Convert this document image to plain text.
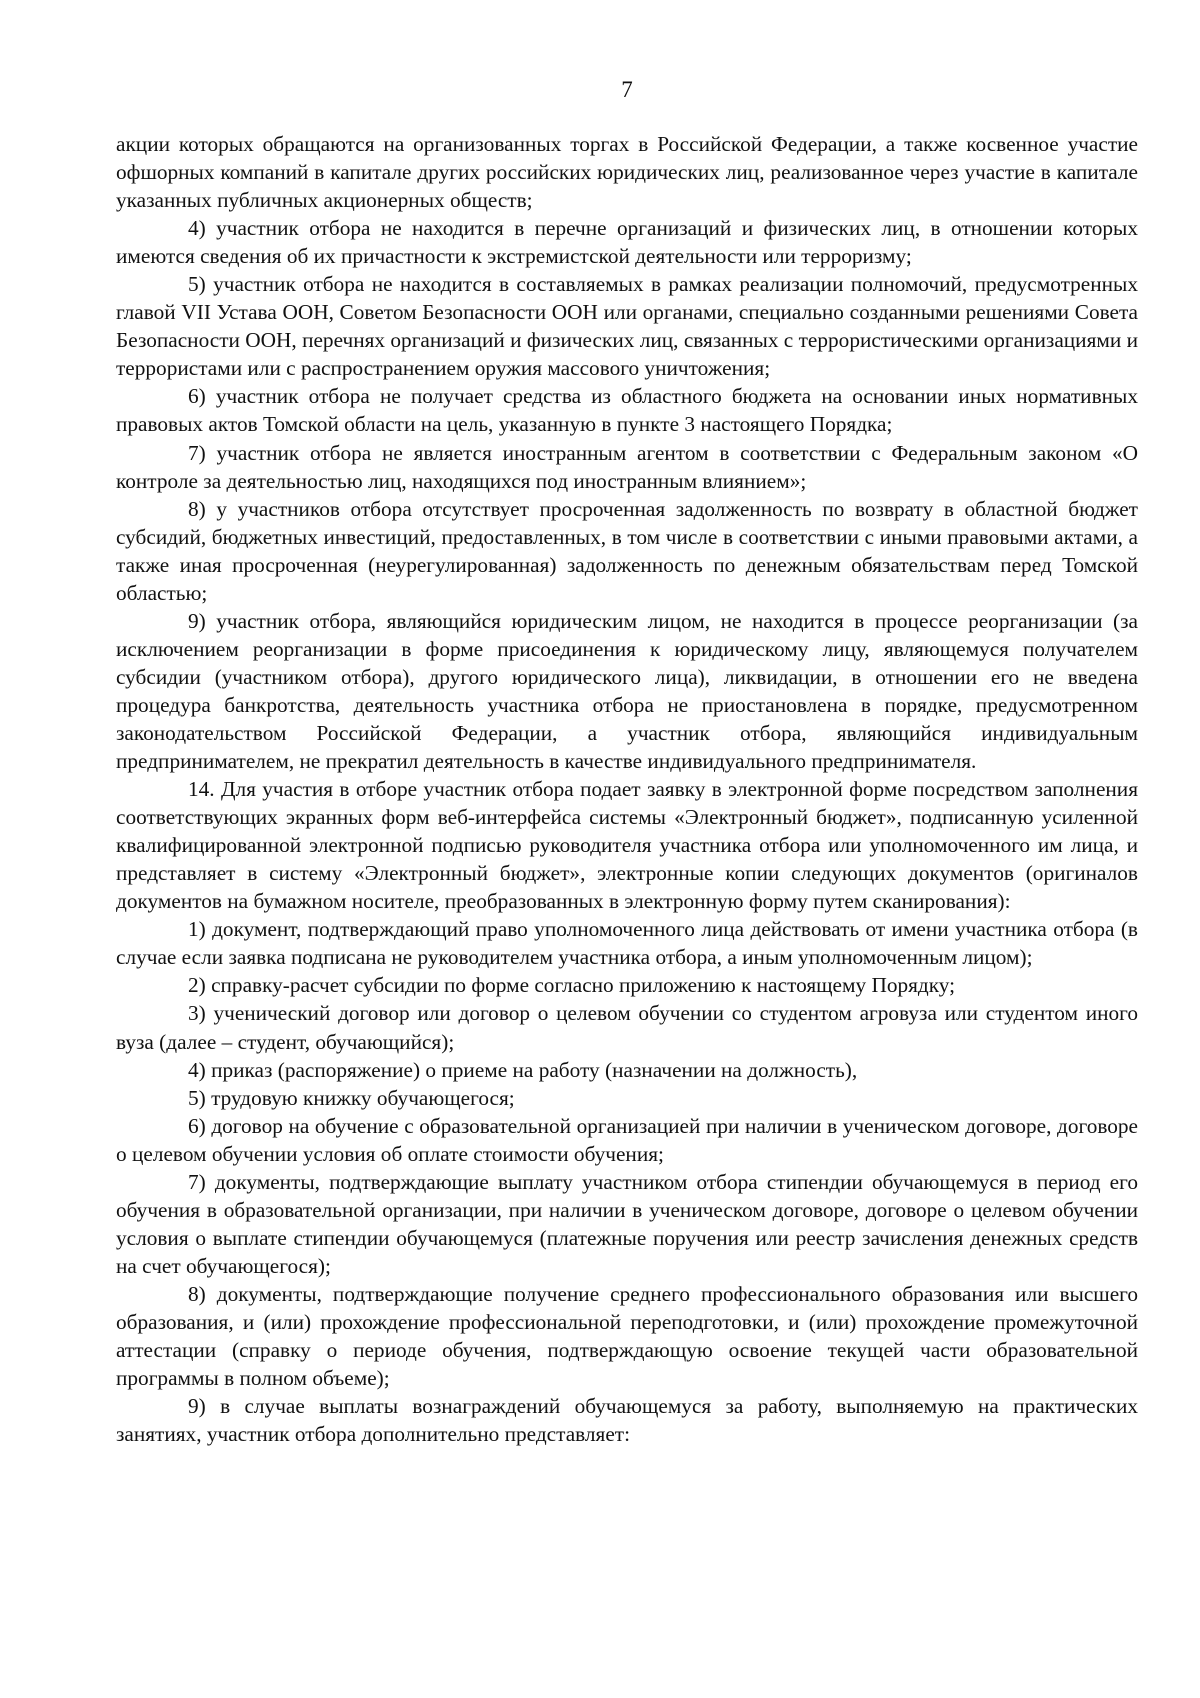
7

акции которых обращаются на организованных торгах в Российской Федерации, а также косвенное участие офшорных компаний в капитале других российских юридических лиц, реализованное через участие в капитале указанных публичных акционерных обществ;

4) участник отбора не находится в перечне организаций и физических лиц, в отношении которых имеются сведения об их причастности к экстремистской деятельности или терроризму;

5) участник отбора не находится в составляемых в рамках реализации полномочий, предусмотренных главой VII Устава ООН, Советом Безопасности ООН или органами, специально созданными решениями Совета Безопасности ООН, перечнях организаций и физических лиц, связанных с террористическими организациями и террористами или с распространением оружия массового уничтожения;

6) участник отбора не получает средства из областного бюджета на основании иных нормативных правовых актов Томской области на цель, указанную в пункте 3 настоящего Порядка;

7) участник отбора не является иностранным агентом в соответствии с Федеральным законом «О контроле за деятельностью лиц, находящихся под иностранным влиянием»;

8) у участников отбора отсутствует просроченная задолженность по возврату в областной бюджет субсидий, бюджетных инвестиций, предоставленных, в том числе в соответствии с иными правовыми актами, а также иная просроченная (неурегулированная) задолженность по денежным обязательствам перед Томской областью;

9) участник отбора, являющийся юридическим лицом, не находится в процессе реорганизации (за исключением реорганизации в форме присоединения к юридическому лицу, являющемуся получателем субсидии (участником отбора), другого юридического лица), ликвидации, в отношении его не введена процедура банкротства, деятельность участника отбора не приостановлена в порядке, предусмотренном законодательством Российской Федерации, а участник отбора, являющийся индивидуальным предпринимателем, не прекратил деятельность в качестве индивидуального предпринимателя.

14. Для участия в отборе участник отбора подает заявку в электронной форме посредством заполнения соответствующих экранных форм веб-интерфейса системы «Электронный бюджет», подписанную усиленной квалифицированной электронной подписью руководителя участника отбора или уполномоченного им лица, и представляет в систему «Электронный бюджет», электронные копии следующих документов (оригиналов документов на бумажном носителе, преобразованных в электронную форму путем сканирования):

1) документ, подтверждающий право уполномоченного лица действовать от имени участника отбора (в случае если заявка подписана не руководителем участника отбора, а иным уполномоченным лицом);

2) справку-расчет субсидии по форме согласно приложению к настоящему Порядку;

3) ученический договор или договор о целевом обучении со студентом агровуза или студентом иного вуза (далее – студент, обучающийся);

4) приказ (распоряжение) о приеме на работу (назначении на должность),

5) трудовую книжку обучающегося;

6) договор на обучение с образовательной организацией при наличии в ученическом договоре, договоре о целевом обучении условия об оплате стоимости обучения;

7) документы, подтверждающие выплату участником отбора стипендии обучающемуся в период его обучения в образовательной организации, при наличии в ученическом договоре, договоре о целевом обучении условия о выплате стипендии обучающемуся (платежные поручения или реестр зачисления денежных средств на счет обучающегося);

8) документы, подтверждающие получение среднего профессионального образования или высшего образования, и (или) прохождение профессиональной переподготовки, и (или) прохождение промежуточной аттестации (справку о периоде обучения, подтверждающую освоение текущей части образовательной программы в полном объеме);

9) в случае выплаты вознаграждений обучающемуся за работу, выполняемую на практических занятиях, участник отбора дополнительно представляет:
